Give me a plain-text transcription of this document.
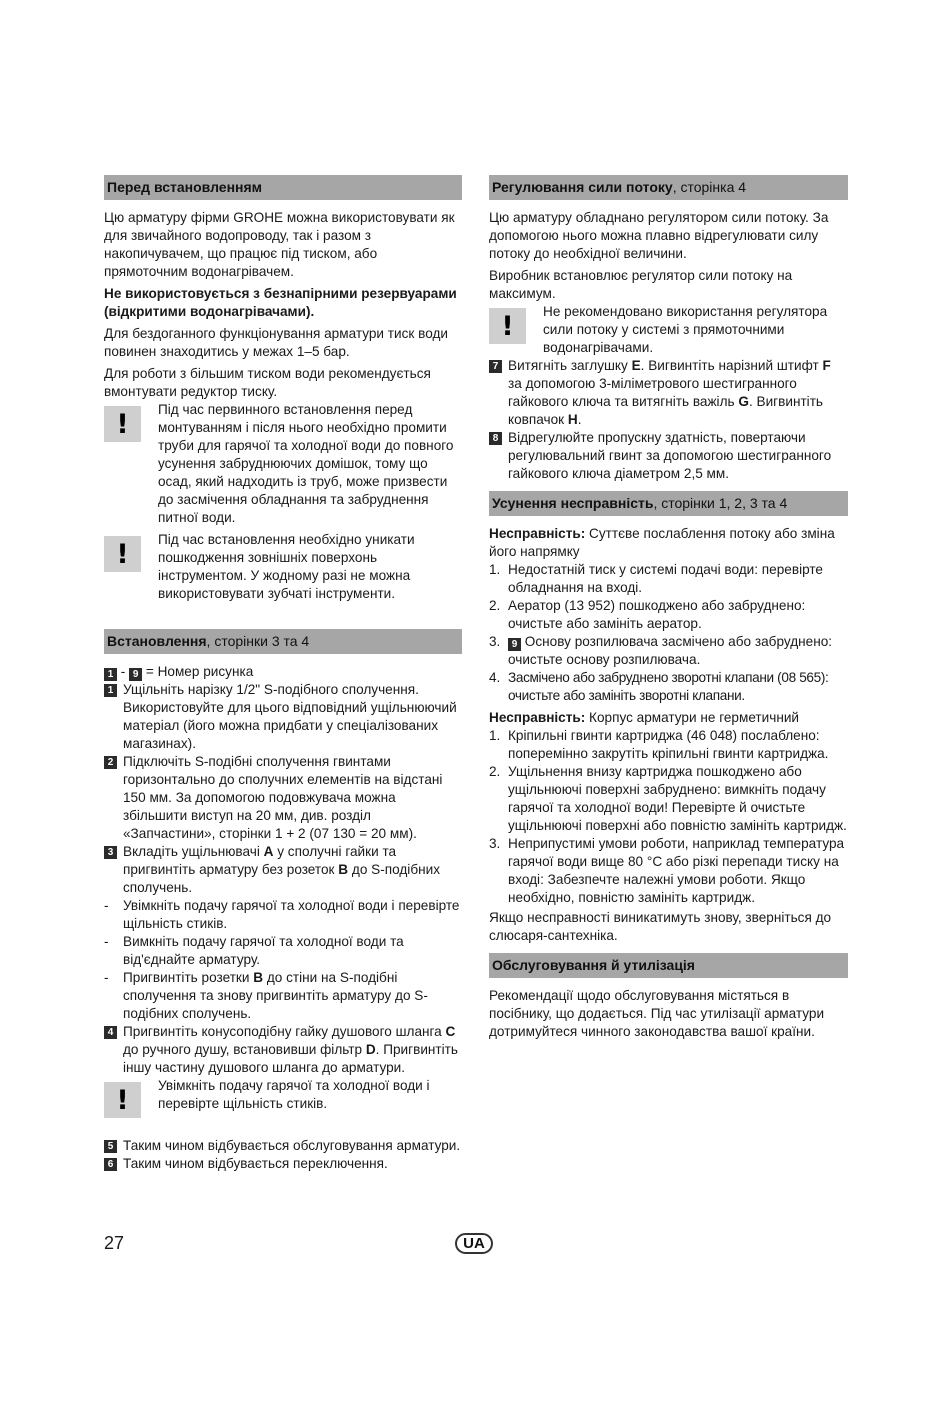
Перед встановленням

Цю арматуру фірми GROHE можна використовувати як для звичайного водопроводу, так і разом з накопичувачем, що працює під тиском, або прямоточним водонагрівачем.

Не використовується з безнапірними резервуарами (відкритими водонагрівачами).

Для бездоганного функціонування арматури тиск води повинен знаходитись у межах 1–5 бар.

Для роботи з більшим тиском води рекомендується вмонтувати редуктор тиску.

!	Під час первинного встановлення перед монтуванням і після нього необхідно промити труби для гарячої та холодної води до повного усунення забруднюючих домішок, тому що осад, який надходить із труб, може призвести до засмічення обладнання та забруднення питної води.

!	Під час встановлення необхідно уникати пошкодження зовнішніх поверхонь інструментом. У жодному разі не можна використовувати зубчаті інструменти.

Встановлення, сторінки 3 та 4

1 - 9 = Номер рисунка

1 Ущільніть нарізку 1/2" S-подібного сполучення. Використовуйте для цього відповідний ущільнюючий матеріал (його можна придбати у спеціалізованих магазинах).
2 Підключіть S-подібні сполучення гвинтами горизонтально до сполучних елементів на відстані 150 мм. За допомогою подовжувача можна збільшити виступ на 20 мм, див. розділ «Запчастини», сторінки 1 + 2 (07 130 = 20 мм).
3 Вкладіть ущільнювачі A у сполучні гайки та пригвинтіть арматуру без розеток B до S-подібних сполучень.
- Увімкніть подачу гарячої та холодної води і перевірте щільність стиків.
- Вимкніть подачу гарячої та холодної води та від'єднайте арматуру.
- Пригвинтіть розетки B до стіни на S-подібні сполучення та знову пригвинтіть арматуру до S-подібних сполучень.
4 Пригвинтіть конусоподібну гайку душового шланга C до ручного душу, встановивши фільтр D. Пригвинтіть іншу частину душового шланга до арматури.
!	Увімкніть подачу гарячої та холодної води і перевірте щільність стиків.

5 Таким чином відбувається обслуговування арматури.
6 Таким чином відбувається переключення.
Регулювання сили потоку, сторінка 4

Цю арматуру обладнано регулятором сили потоку. За допомогою нього можна плавно відрегулювати силу потоку до необхідної величини.

Виробник встановлює регулятор сили потоку на максимум.

!	Не рекомендовано використання регулятора сили потоку у системі з прямоточними водонагрівачами.

7 Витягніть заглушку E. Вигвинтіть нарізний штифт F за допомогою 3-міліметрового шестигранного гайкового ключа та витягніть важіль G. Вигвинтіть ковпачок H.
8 Відрегулюйте пропускну здатність, повертаючи регулювальний гвинт за допомогою шестигранного гайкового ключа діаметром 2,5 мм.
Усунення несправність, сторінки 1, 2, 3 та 4

Несправність: Суттєве послаблення потоку або зміна його напрямку

1. Недостатній тиск у системі подачі води: перевірте обладнання на вході.
2. Аератор (13 952) пошкоджено або забруднено: очистьте або замініть аератор.
3. 9 Основу розпилювача засмічено або забруднено:
очистьте основу розпилювача.
4. Засмічено або забруднено зворотні клапани (08 565): очистьте або замініть зворотні клапани.

Несправність: Корпус арматури не герметичний

1. Кріпильні гвинти картриджа (46 048) послаблено: поперемінно закрутіть кріпильні гвинти картриджа.
2. Ущільнення внизу картриджа пошкоджено або ущільнюючі поверхні забруднено: вимкніть подачу гарячої та холодної води! Перевірте й очистьте ущільнюючі поверхні або повністю замініть картридж.
3. Неприпустимі умови роботи, наприклад температура гарячої води вище 80 °C або різкі перепади тиску на вході: Забезпечте належні умови роботи. Якщо необхідно, повністю замініть картридж.

Якщо несправності виникатимуть знову, зверніться до слюсаря-сантехніка.

Обслуговування й утилізація

Рекомендації щодо обслуговування містяться в посібнику, що додається. Під час утилізації арматури дотримуйтеся чинного законодавства вашої країни.

27	UA
